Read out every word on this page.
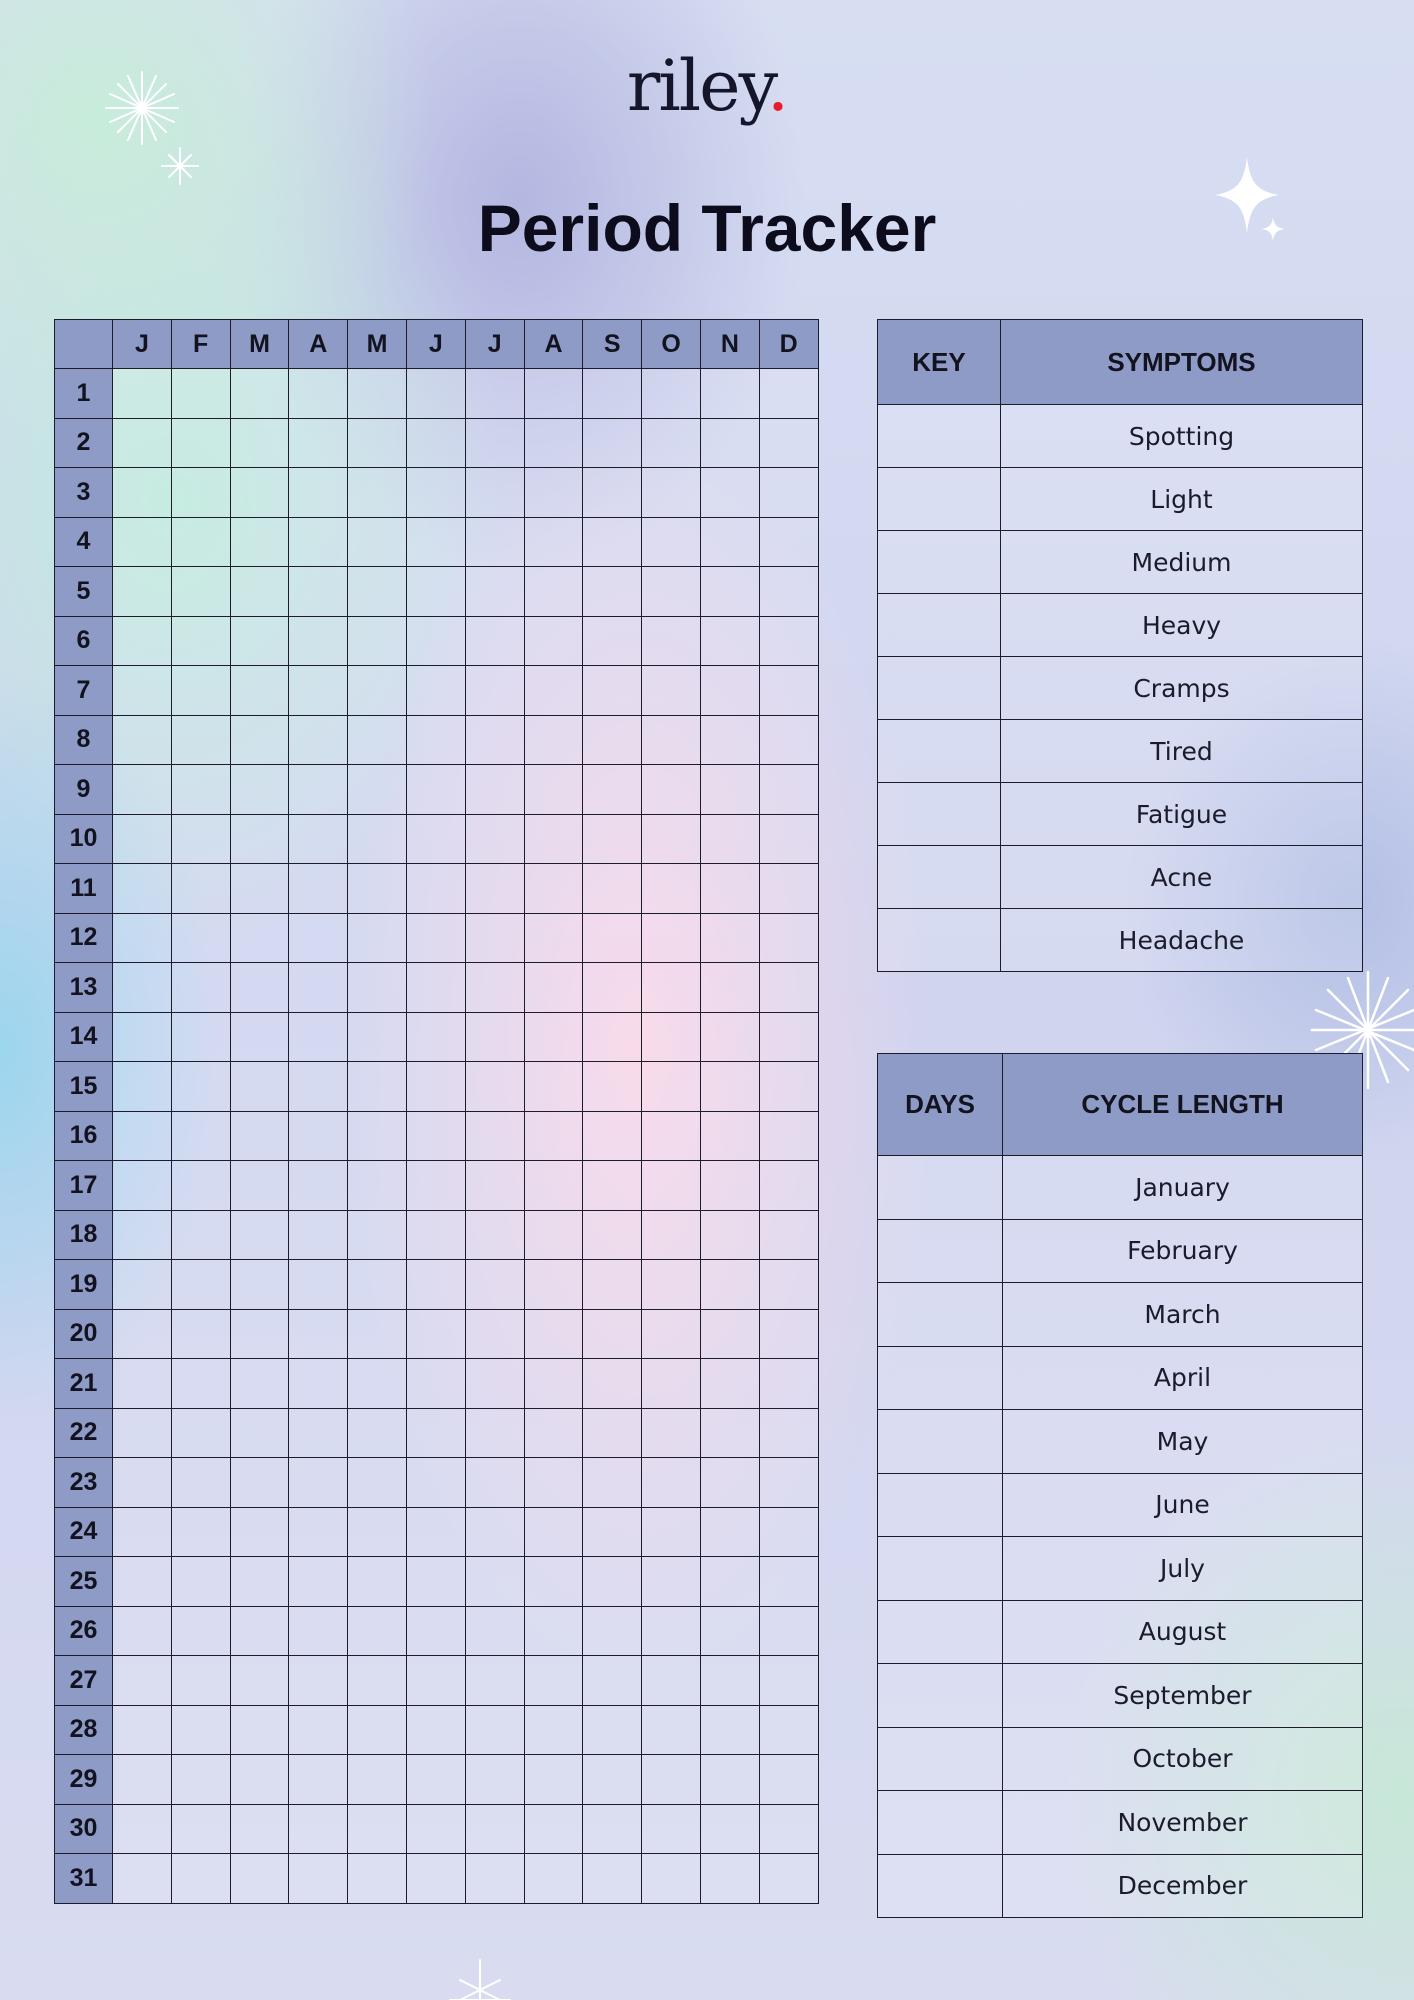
riley.
Period Tracker
	J	F	M	A	M	J	J	A	S	O	N	D
1												
2												
3												
4												
5												
6												
7												
8												
9												
10												
11												
12												
13												
14												
15												
16												
17												
18												
19												
20												
21												
22												
23												
24												
25												
26												
27												
28												
29												
30												
31												
KEY	SYMPTOMS
	Spotting
	Light
	Medium
	Heavy
	Cramps
	Tired
	Fatigue
	Acne
	Headache
DAYS	CYCLE LENGTH
	January
	February
	March
	April
	May
	June
	July
	August
	September
	October
	November
	December
